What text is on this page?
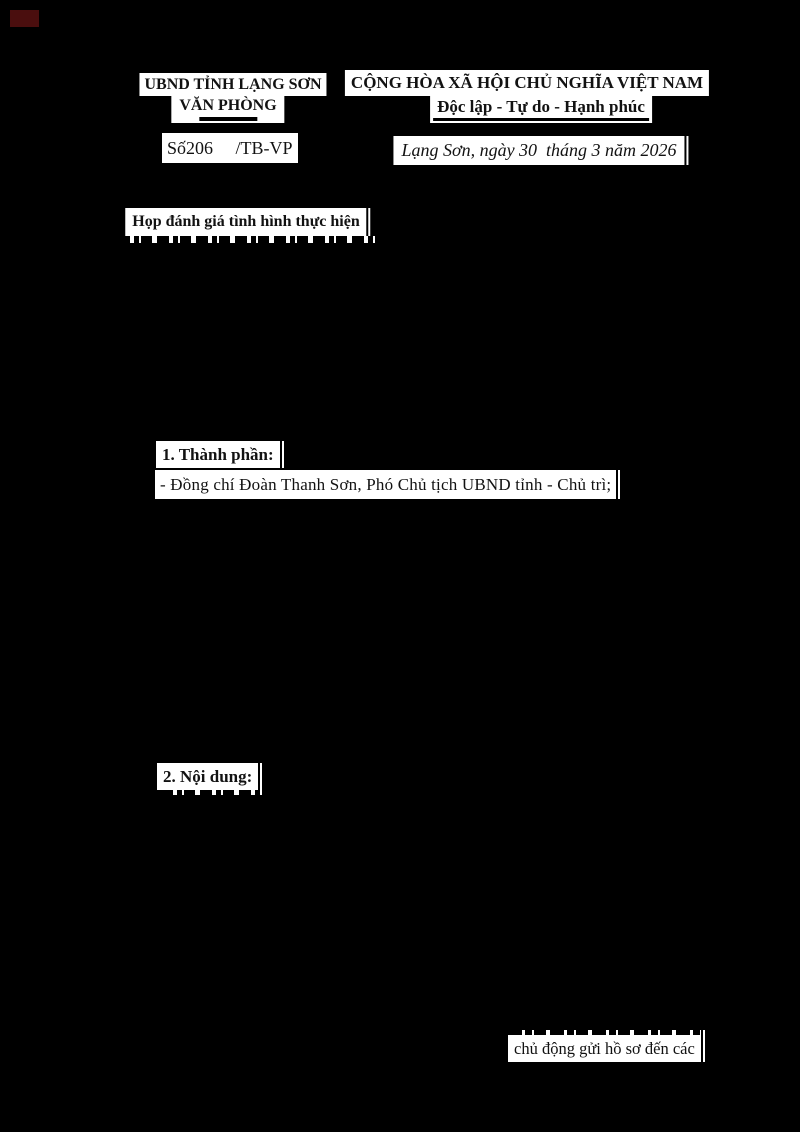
UBND TỈNH LẠNG SƠN
VĂN PHÒNG
Số206     /TB-VP
CỘNG HÒA XÃ HỘI CHỦ NGHĨA VIỆT NAM
Độc lập - Tự do - Hạnh phúc
Lạng Sơn, ngày 30  tháng 3 năm 2026
Họp đánh giá tình hình thực hiện
1. Thành phần:
- Đồng chí Đoàn Thanh Sơn, Phó Chủ tịch UBND tỉnh - Chủ trì;
2. Nội dung:
chủ động gửi hồ sơ đến các
